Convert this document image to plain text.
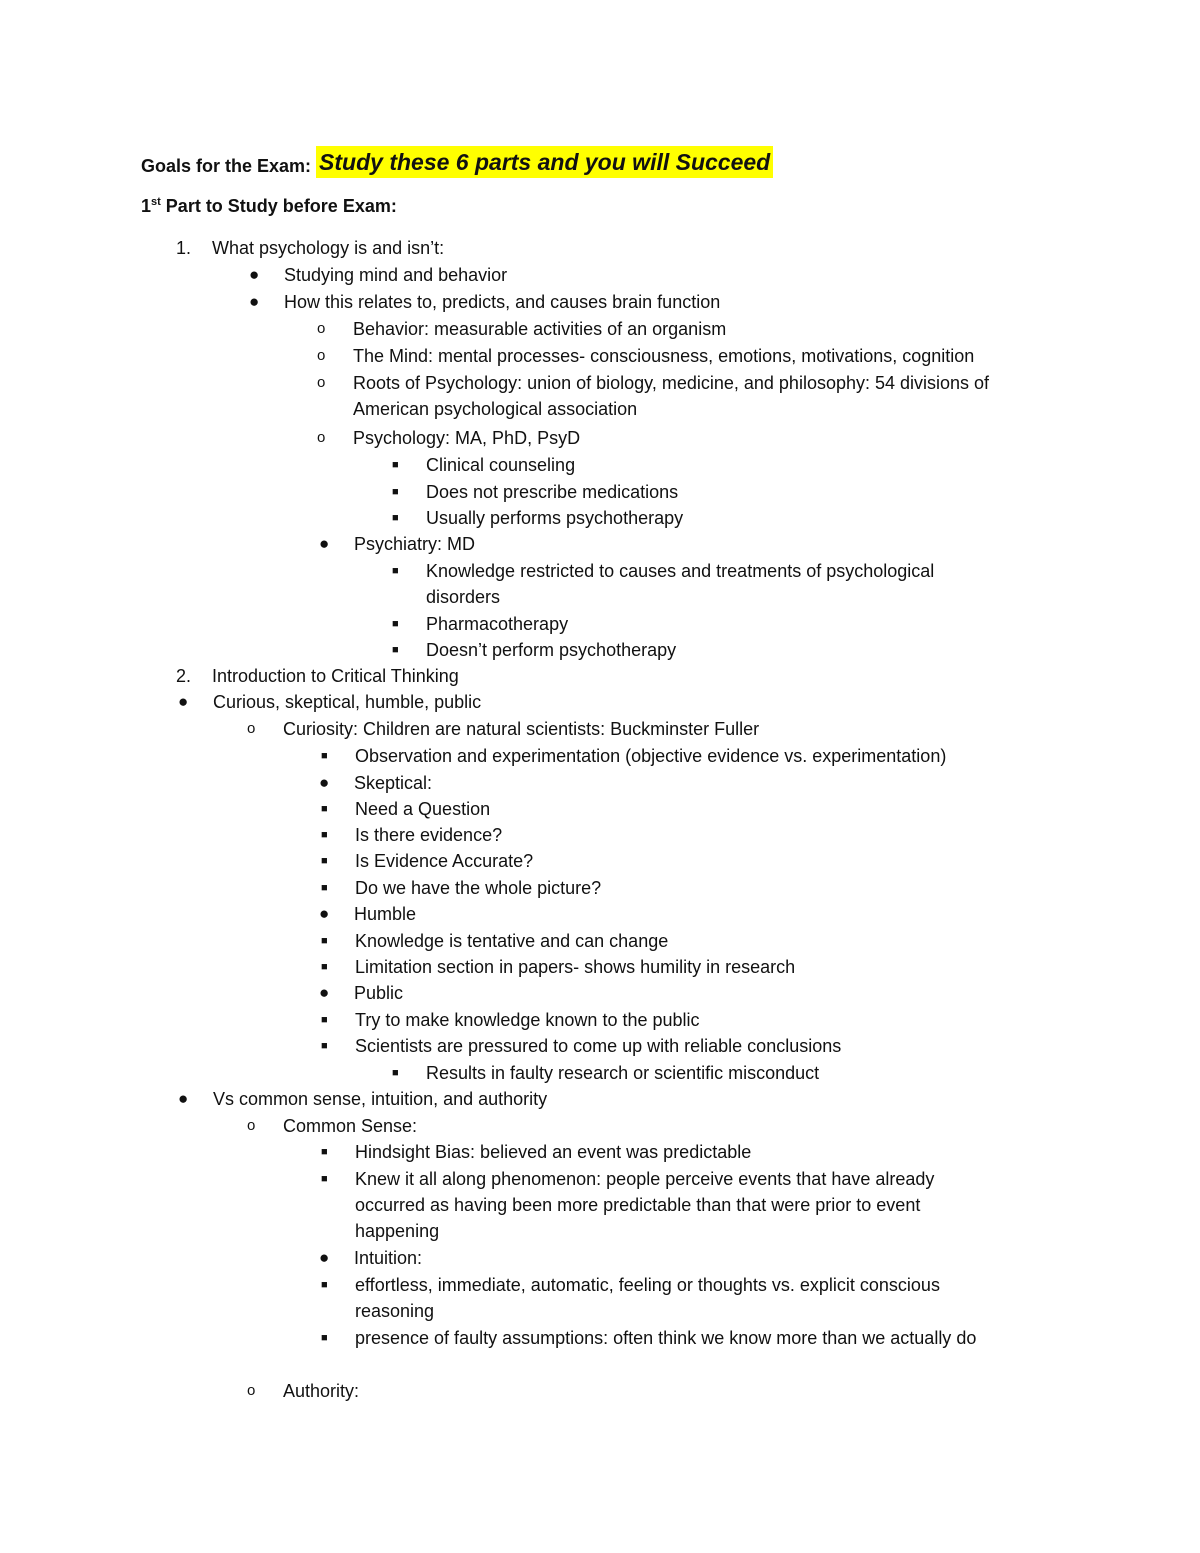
Goals for the Exam: Study these 6 parts and you will Succeed
1st Part to Study before Exam:
1.	What psychology is and isn’t:
●	Studying mind and behavior
●	How this relates to, predicts, and causes brain function
o	Behavior: measurable activities of an organism
o	The Mind: mental processes- consciousness, emotions, motivations, cognition
o	Roots of Psychology: union of biology, medicine, and philosophy: 54 divisions of American psychological association
o	Psychology: MA, PhD, PsyD
■	Clinical counseling
■	Does not prescribe medications
■	Usually performs psychotherapy
●	Psychiatry: MD
■	Knowledge restricted to causes and treatments of psychological disorders
■	Pharmacotherapy
■	Doesn’t perform psychotherapy
2.	Introduction to Critical Thinking
●	Curious, skeptical, humble, public
o	Curiosity: Children are natural scientists: Buckminster Fuller
■	Observation and experimentation (objective evidence vs. experimentation)
●	Skeptical:
■	Need a Question
■	Is there evidence?
■	Is Evidence Accurate?
■	Do we have the whole picture?
●	Humble
■	Knowledge is tentative and can change
■	Limitation section in papers- shows humility in research
●	Public
■	Try to make knowledge known to the public
■	Scientists are pressured to come up with reliable conclusions
■	Results in faulty research or scientific misconduct
●	Vs common sense, intuition, and authority
o	Common Sense:
■	Hindsight Bias: believed an event was predictable
■	Knew it all along phenomenon: people perceive events that have already occurred as having been more predictable than that were prior to event happening
●	Intuition:
■	effortless, immediate, automatic, feeling or thoughts vs. explicit conscious reasoning
■	presence of faulty assumptions: often think we know more than we actually do
o	Authority:
